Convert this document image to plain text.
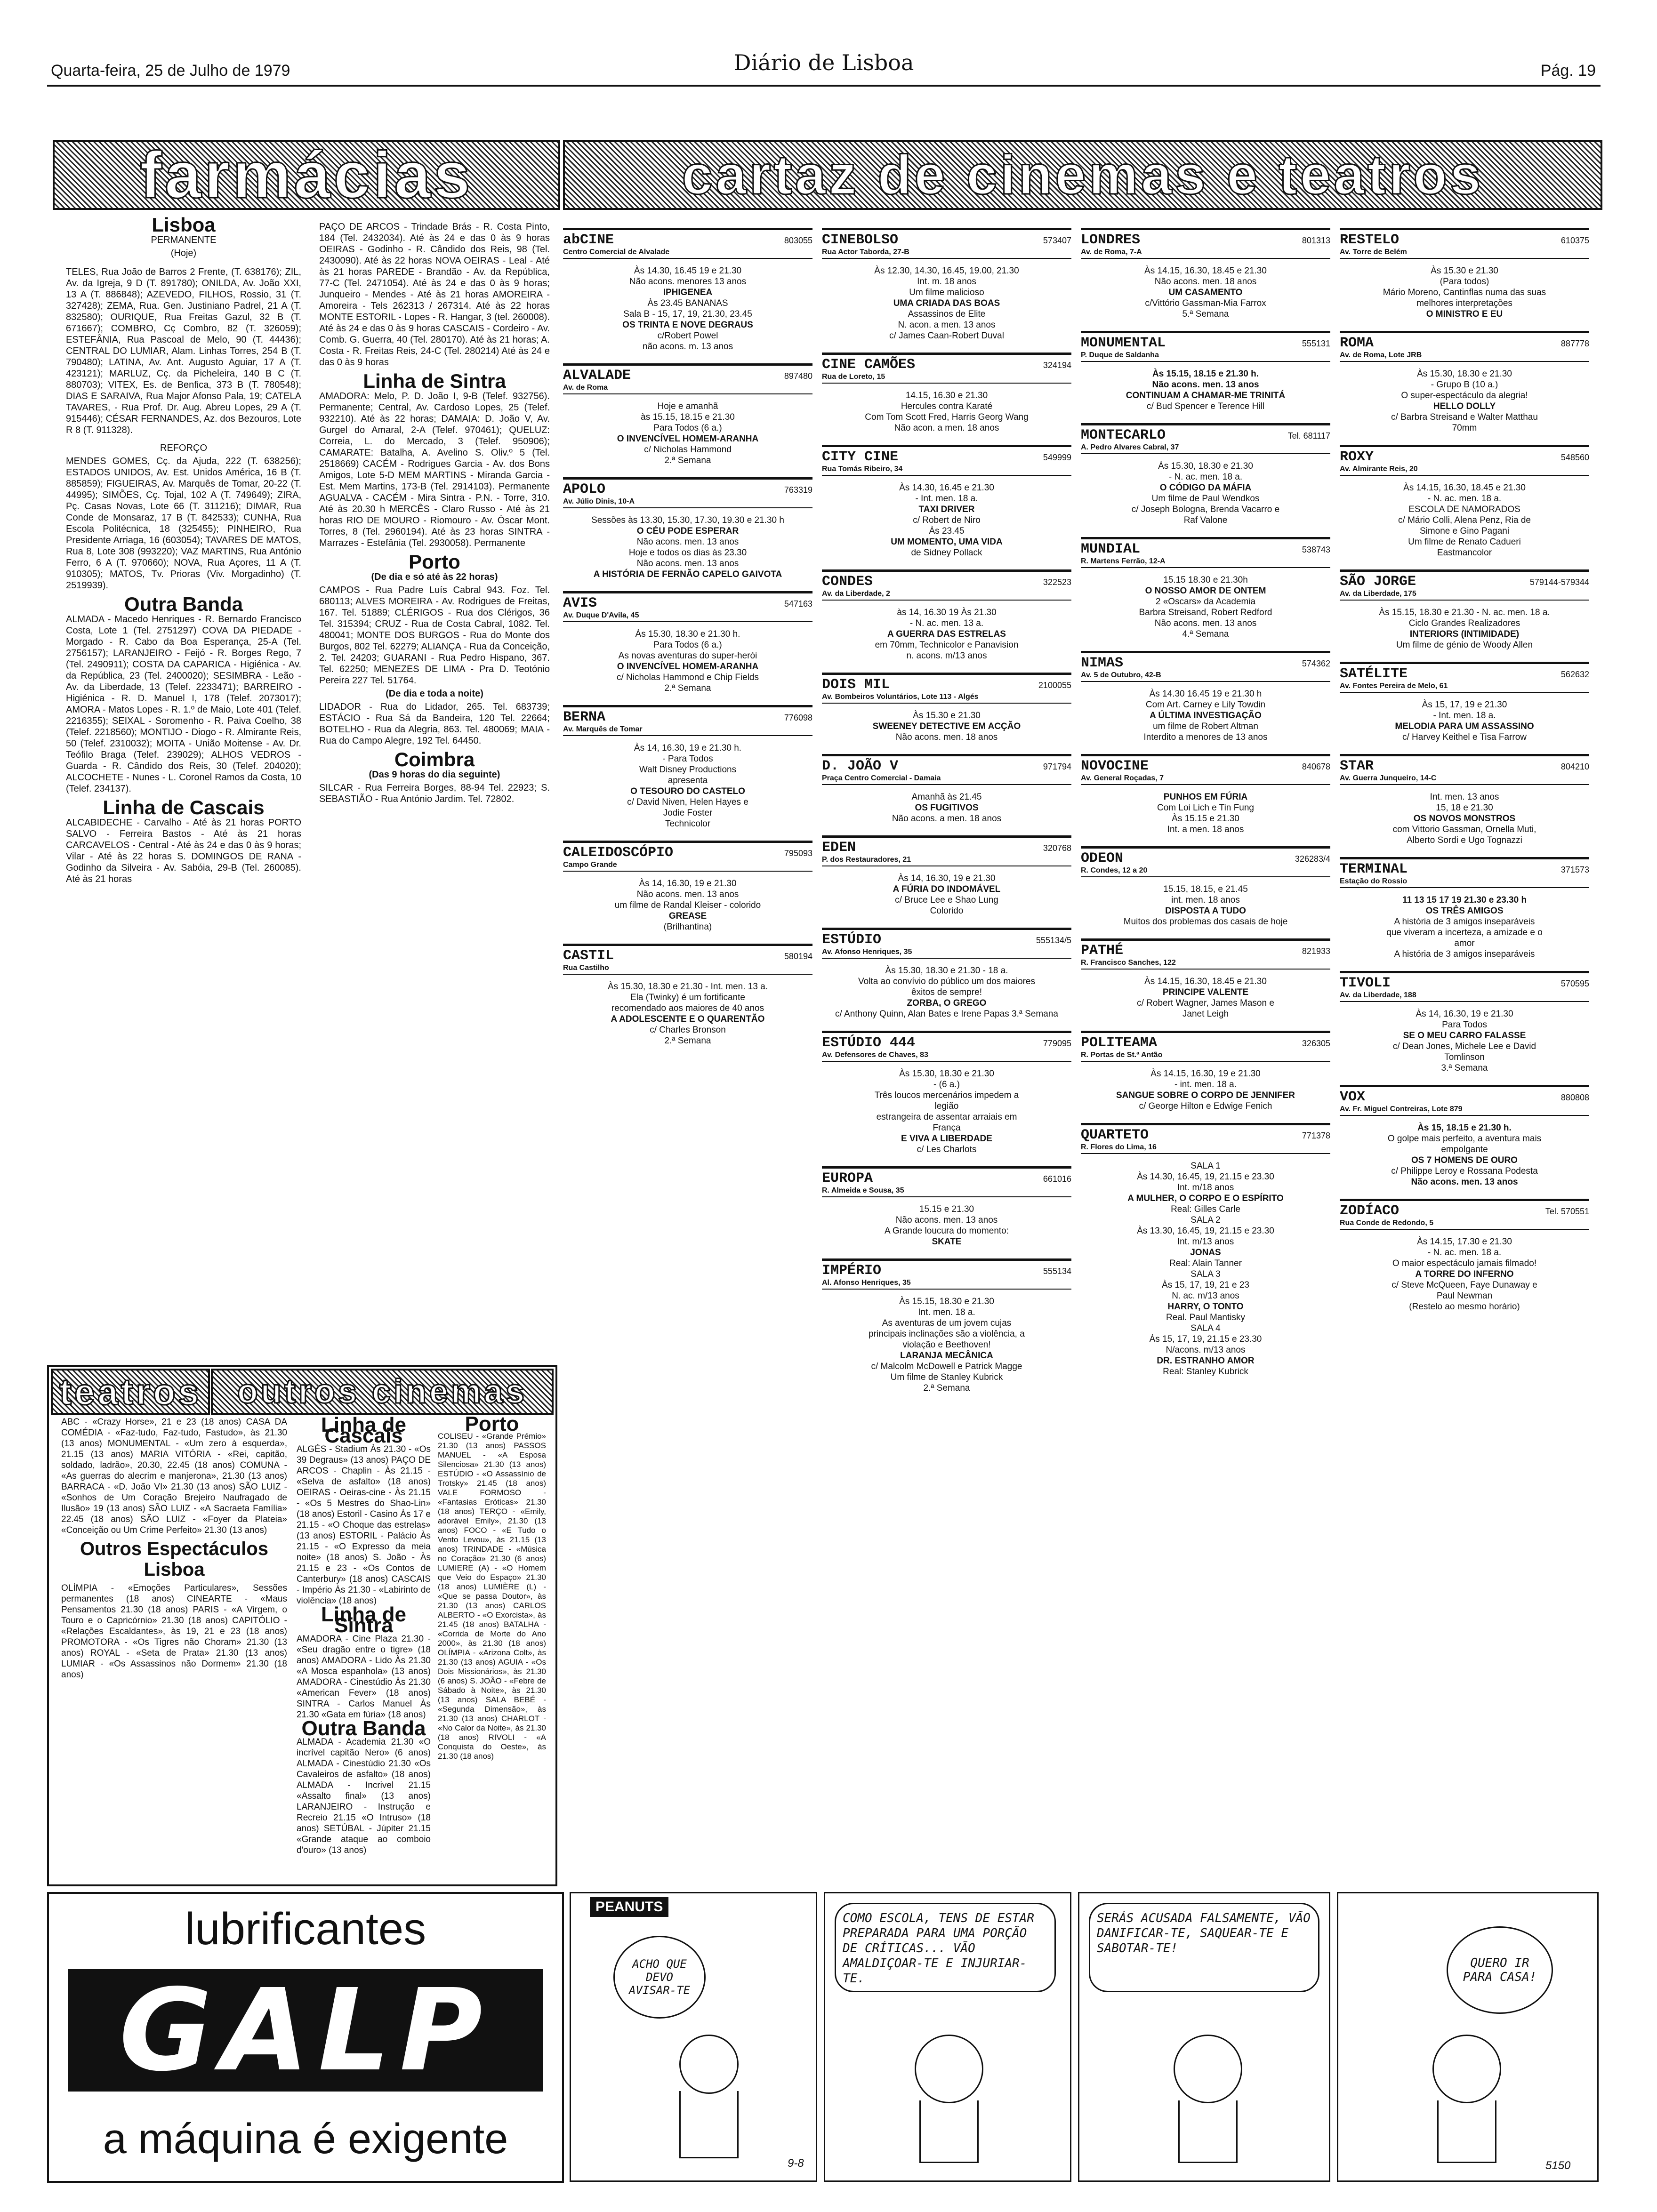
Quarta-feira, 25 de Julho de 1979	Diário de Lisboa	Pág. 19
farmácias	cartaz de cinemas e teatros
Lisboa
PERMANENTE
(Hoje)

TELES, Rua João de Barros 2 Frente, (T. 638176); ZIL, Av. da Igreja, 9 D (T. 891780); ONILDA, Av. João XXI, 13 A (T. 886848); AZEVEDO, FILHOS, Rossio, 31 (T. 327428); ZEMA, Rua. Gen. Justiniano Padrel, 21 A (T. 832580); OURIQUE, Rua Freitas Gazul, 32 B (T. 671667); COMBRO, Cç Combro, 82 (T. 326059); ESTEFÂNIA, Rua Pascoal de Melo, 90 (T. 44436); CENTRAL DO LUMIAR, Alam. Linhas Torres, 254 B (T. 790480); LATINA, Av. Ant. Augusto Aguiar, 17 A (T. 423121); MARLUZ, Cç. da Picheleira, 140 B C (T. 880703); VITEX, Es. de Benfica, 373 B (T. 780548); DIAS E SARAIVA, Rua Major Afonso Pala, 19; CATELA TAVARES, - Rua Prof. Dr. Aug. Abreu Lopes, 29 A (T. 915446); CÉSAR FERNANDES, Az. dos Bezouros, Lote R 8 (T. 911328).

REFORÇO

MENDES GOMES, Cç. da Ajuda, 222 (T. 638256); ESTADOS UNIDOS, Av. Est. Unidos América, 16 B (T. 885859); FIGUEIRAS, Av. Marquês de Tomar, 20-22 (T. 44995); SIMÕES, Cç. Tojal, 102 A (T. 749649); ZIRA, Pç. Casas Novas, Lote 66 (T. 311216); DIMAR, Rua Conde de Monsaraz, 17 B (T. 842533); CUNHA, Rua Escola Politécnica, 18 (325455); PINHEIRO, Rua Presidente Arriaga, 16 (603054); TAVARES DE MATOS, Rua 8, Lote 308 (993220); VAZ MARTINS, Rua António Ferro, 6 A (T. 970660); NOVA, Rua Açores, 11 A (T. 910305); MATOS, Tv. Prioras (Viv. Morgadinho) (T. 2519939).

Outra Banda

ALMADA - Macedo Henriques - R. Bernardo Francisco Costa, Lote 1 (Tel. 2751297) COVA DA PIEDADE - Morgado - R. Cabo da Boa Esperança, 25-A (Tel. 2756157); LARANJEIRO - Feijó - R. Borges Rego, 7 (Tel. 2490911); COSTA DA CAPARICA - Higiénica - Av. da República, 23 (Tel. 2400020); SESIMBRA - Leão - Av. da Liberdade, 13 (Telef. 2233471); BARREIRO - Higiénica - R. D. Manuel I, 178 (Telef. 2073017); AMORA - Matos Lopes - R. 1.º de Maio, Lote 401 (Telef. 2216355); SEIXAL - Soromenho - R. Paiva Coelho, 38 (Telef. 2218560); MONTIJO - Diogo - R. Almirante Reis, 50 (Telef. 2310032); MOITA - União Moitense - Av. Dr. Teófilo Braga (Telef. 239029); ALHOS VEDROS - Guarda - R. Cândido dos Reis, 30 (Telef. 204020); ALCOCHETE - Nunes - L. Coronel Ramos da Costa, 10 (Telef. 234137).

Linha de Cascais

ALCABIDECHE - Carvalho - Até às 21 horas PORTO SALVO - Ferreira Bastos - Até às 21 horas CARCAVELOS - Central - Até às 24 e das 0 às 9 horas; Vilar - Até às 22 horas S. DOMINGOS DE RANA - Godinho da Silveira - Av. Sabóia, 29-B (Tel. 260085). Até às 21 horas

PAÇO DE ARCOS - Trindade Brás - R. Costa Pinto, 184 (Tel. 2432034). Até às 24 e das 0 às 9 horas OEIRAS - Godinho - R. Cândido dos Reis, 98 (Tel. 2430090). Até às 22 horas NOVA OEIRAS - Leal - Até às 21 horas PAREDE - Brandão - Av. da República, 77-C (Tel. 2471054). Até às 24 e das 0 às 9 horas; Junqueiro - Mendes - Até às 21 horas AMOREIRA - Amoreira - Tels 262313 / 267314. Até às 22 horas MONTE ESTORIL - Lopes - R. Hangar, 3 (tel. 260008). Até às 24 e das 0 às 9 horas CASCAIS - Cordeiro - Av. Comb. G. Guerra, 40 (Tel. 280170). Até às 21 horas; A. Costa - R. Freitas Reis, 24-C (Tel. 280214) Até às 24 e das 0 às 9 horas

Linha de Sintra

AMADORA: Melo, P. D. João I, 9-B (Telef. 932756). Permanente; Central, Av. Cardoso Lopes, 25 (Telef. 932210). Até às 22 horas; DAMAIA: D. João V, Av. Gurgel do Amaral, 2-A (Telef. 970461); QUELUZ: Correia, L. do Mercado, 3 (Telef. 950906); CAMARATE: Batalha, A. Avelino S. Oliv.º 5 (Tel. 2518669) CACÉM - Rodrigues Garcia - Av. dos Bons Amigos, Lote 5-D MEM MARTINS - Miranda Garcia - Est. Mem Martins, 173-B (Tel. 2914103). Permanente AGUALVA - CACÉM - Mira Sintra - P.N. - Torre, 310. Até às 20.30 h MERCÊS - Claro Russo - Até às 21 horas RIO DE MOURO - Riomouro - Av. Óscar Mont. Torres, 8 (Tel. 2960194). Até às 23 horas SINTRA - Marrazes - Estefânia (Tel. 2930058). Permanente

Porto
(De dia e só até às 22 horas)

CAMPOS - Rua Padre Luís Cabral 943. Foz. Tel. 680113; ALVES MOREIRA - Av. Rodrigues de Freitas, 167. Tel. 51889; CLÉRIGOS - Rua dos Clérigos, 36 Tel. 315394; CRUZ - Rua de Costa Cabral, 1082. Tel. 480041; MONTE DOS BURGOS - Rua do Monte dos Burgos, 802 Tel. 62279; ALIANÇA - Rua da Conceição, 2. Tel. 24203; GUARANI - Rua Pedro Hispano, 367. Tel. 62250; MENEZES DE LIMA - Pra D. Teotónio Pereira 227 Tel. 51764.

(De dia e toda a noite)

LIDADOR - Rua do Lidador, 265. Tel. 683739; ESTÁCIO - Rua Sá da Bandeira, 120 Tel. 22664; BOTELHO - Rua da Alegria, 863. Tel. 480069; MAIA - Rua do Campo Alegre, 192 Tel. 64450.

Coimbra
(Das 9 horas do dia seguinte)

SILCAR - Rua Ferreira Borges, 88-94 Tel. 22923; S. SEBASTIÃO - Rua António Jardim. Tel. 72802.

abCINE	803055
Centro Comercial de Alvalade
Às 14.30, 16.45 19 e 21.30
Não acons. menores 13 anos
IPHIGENEA
Às 23.45 BANANAS
Sala B - 15, 17, 19, 21.30, 23.45
OS TRINTA E NOVE DEGRAUS
c/Robert Powel
não acons. m. 13 anos
ALVALADE	897480
Av. de Roma
Hoje e amanhã
às 15.15, 18.15 e 21.30
Para Todos (6 a.)
O INVENCÍVEL HOMEM-ARANHA
c/ Nicholas Hammond
2.ª Semana
APOLO	763319
Av. Júlio Dinis, 10-A
Sessões às 13.30, 15.30, 17.30, 19.30 e 21.30 h
O CÉU PODE ESPERAR
Não acons. men. 13 anos
Hoje e todos os dias às 23.30
Não acons. men. 13 anos
A HISTÓRIA DE FERNÃO CAPELO GAIVOTA
AVIS	547163
Av. Duque D'Avila, 45
Às 15.30, 18.30 e 21.30 h.
Para Todos (6 a.)
As novas aventuras do super-herói
O INVENCÍVEL HOMEM-ARANHA
c/ Nicholas Hammond e Chip Fields
2.ª Semana
BERNA	776098
Av. Marquês de Tomar
Às 14, 16.30, 19 e 21.30 h.
- Para Todos
Walt Disney Productions
apresenta
O TESOURO DO CASTELO
c/ David Niven, Helen Hayes e
Jodie Foster
Technicolor
CALEIDOSCÓPIO	795093
Campo Grande
Às 14, 16.30, 19 e 21.30
Não acons. men. 13 anos
um filme de Randal Kleiser - colorido
GREASE
(Brilhantina)
CASTIL	580194
Rua Castilho
Às 15.30, 18.30 e 21.30 - Int. men. 13 a.
Ela (Twinky) é um fortificante
recomendado aos maiores de 40 anos
A ADOLESCENTE E O QUARENTÃO
c/ Charles Bronson
2.ª Semana
CINEBOLSO	573407
Rua Actor Taborda, 27-B
Às 12.30, 14.30, 16.45, 19.00, 21.30
Int. m. 18 anos
Um filme malicioso
UMA CRIADA DAS BOAS
Assassinos de Elite
N. acon. a men. 13 anos
c/ James Caan-Robert Duval
CINE CAMÕES	324194
Rua de Loreto, 15
14.15, 16.30 e 21.30
Hercules contra Karaté
Com Tom Scott Fred, Harris Georg Wang
Não acon. a men. 18 anos
CITY CINE	549999
Rua Tomás Ribeiro, 34
Às 14.30, 16.45 e 21.30
- Int. men. 18 a.
TAXI DRIVER
c/ Robert de Niro
Às 23.45
UM MOMENTO, UMA VIDA
de Sidney Pollack
CONDES	322523
Av. da Liberdade, 2
às 14, 16.30 19 Às 21.30
- N. ac. men. 13 a.
A GUERRA DAS ESTRELAS
em 70mm, Technicolor e Panavision
n. acons. m/13 anos
DOIS MIL	2100055
Av. Bombeiros Voluntários, Lote 113 - Algés
Às 15.30 e 21.30
SWEENEY DETECTIVE EM ACÇÃO
Não acons. men. 18 anos
D. JOÃO V	971794
Praça Centro Comercial - Damaia
Amanhã às 21.45
OS FUGITIVOS
Não acons. a men. 18 anos
EDEN	320768
P. dos Restauradores, 21
Às 14, 16.30, 19 e 21.30
A FÚRIA DO INDOMÁVEL
c/ Bruce Lee e Shao Lung
Colorido
ESTÚDIO	555134/5
Av. Afonso Henriques, 35
Às 15.30, 18.30 e 21.30 - 18 a.
Volta ao convívio do público um dos maiores
êxitos de sempre!
ZORBA, O GREGO
c/ Anthony Quinn, Alan Bates e Irene Papas 3.ª Semana
ESTÚDIO 444	779095
Av. Defensores de Chaves, 83
Às 15.30, 18.30 e 21.30
- (6 a.)
Três loucos mercenários impedem a
legião
estrangeira de assentar arraiais em
França
E VIVA A LIBERDADE
c/ Les Charlots
EUROPA	661016
R. Almeida e Sousa, 35
15.15 e 21.30
Não acons. men. 13 anos
A Grande loucura do momento:
SKATE
IMPÉRIO	555134
Al. Afonso Henriques, 35
Às 15.15, 18.30 e 21.30
Int. men. 18 a.
As aventuras de um jovem cujas
principais inclinações são a violência, a
violação e Beethoven!
LARANJA MECÂNICA
c/ Malcolm McDowell e Patrick Magge
Um filme de Stanley Kubrick
2.ª Semana
LONDRES	801313
Av. de Roma, 7-A
Às 14.15, 16.30, 18.45 e 21.30
Não acons. men. 18 anos
UM CASAMENTO
c/Vittório Gassman-Mia Farrox
5.ª Semana
MONUMENTAL	555131
P. Duque de Saldanha
Às 15.15, 18.15 e 21.30 h.
Não acons. men. 13 anos
CONTINUAM A CHAMAR-ME TRINITÁ
c/ Bud Spencer e Terence Hill
MONTECARLO	Tel. 681117
A. Pedro Alvares Cabral, 37
Às 15.30, 18.30 e 21.30
- N. ac. men. 18 a.
O CÓDIGO DA MÁFIA
Um filme de Paul Wendkos
c/ Joseph Bologna, Brenda Vacarro e
Raf Valone
MUNDIAL	538743
R. Martens Ferrão, 12-A
15.15 18.30 e 21.30h
O NOSSO AMOR DE ONTEM
2 «Oscars» da Academia
Barbra Streisand, Robert Redford
Não acons. men. 13 anos
4.ª Semana
NIMAS	574362
Av. 5 de Outubro, 42-B
Às 14.30 16.45 19 e 21.30 h
Com Art. Carney e Lily Towdin
A ÚLTIMA INVESTIGAÇÃO
um filme de Robert Altman
Interdito a menores de 13 anos
NOVOCINE	840678
Av. General Roçadas, 7
PUNHOS EM FÚRIA
Com Loi Lich e Tin Fung
Às 15.15 e 21.30
Int. a men. 18 anos
ODEON	326283/4
R. Condes, 12 a 20
15.15, 18.15, e 21.45
int. men. 18 anos
DISPOSTA A TUDO
Muitos dos problemas dos casais de hoje
PATHÉ	821933
R. Francisco Sanches, 122
Às 14.15, 16.30, 18.45 e 21.30
PRINCIPE VALENTE
c/ Robert Wagner, James Mason e
Janet Leigh
POLITEAMA	326305
R. Portas de St.ª Antão
Às 14.15, 16.30, 19 e 21.30
- int. men. 18 a.
SANGUE SOBRE O CORPO DE JENNIFER
c/ George Hilton e Edwige Fenich
QUARTETO	771378
R. Flores do Lima, 16
SALA 1
Às 14.30, 16.45, 19, 21.15 e 23.30
Int. m/18 anos
A MULHER, O CORPO E O ESPÍRITO
Real: Gilles Carle
SALA 2
Às 13.30, 16.45, 19, 21.15 e 23.30
Int. m/13 anos
JONAS
Real: Alain Tanner
SALA 3
Às 15, 17, 19, 21 e 23
N. ac. m/13 anos
HARRY, O TONTO
Real. Paul Mantisky
SALA 4
Às 15, 17, 19, 21.15 e 23.30
N/acons. m/13 anos
DR. ESTRANHO AMOR
Real: Stanley Kubrick
RESTELO	610375
Av. Torre de Belém
Às 15.30 e 21.30
(Para todos)
Mário Moreno, Cantinflas numa das suas
melhores interpretações
O MINISTRO E EU
ROMA	887778
Av. de Roma, Lote JRB
Às 15.30, 18.30 e 21.30
- Grupo B (10 a.)
O super-espectáculo da alegria!
HELLO DOLLY
c/ Barbra Streisand e Walter Matthau
70mm
ROXY	548560
Av. Almirante Reis, 20
Às 14.15, 16.30, 18.45 e 21.30
- N. ac. men. 18 a.
ESCOLA DE NAMORADOS
c/ Mário Colli, Alena Penz, Ria de
Simone e Gino Pagani
Um filme de Renato Cadueri
Eastmancolor
SÃO JORGE	579144-579344
Av. da Liberdade, 175
Às 15.15, 18.30 e 21.30 - N. ac. men. 18 a.
Ciclo Grandes Realizadores
INTERIORS (INTIMIDADE)
Um filme de génio de Woody Allen
SATÉLITE	562632
Av. Fontes Pereira de Melo, 61
Às 15, 17, 19 e 21.30
- Int. men. 18 a.
MELODIA PARA UM ASSASSINO
c/ Harvey Keithel e Tisa Farrow
STAR	804210
Av. Guerra Junqueiro, 14-C
Int. men. 13 anos
15, 18 e 21.30
OS NOVOS MONSTROS
com Vittorio Gassman, Ornella Muti,
Alberto Sordi e Ugo Tognazzi
TERMINAL	371573
Estação do Rossio
11 13 15 17 19 21.30 e 23.30 h
OS TRÊS AMIGOS
A história de 3 amigos inseparáveis
que viveram a incerteza, a amizade e o
amor
A história de 3 amigos inseparáveis
TIVOLI	570595
Av. da Liberdade, 188
Às 14, 16.30, 19 e 21.30
Para Todos
SE O MEU CARRO FALASSE
c/ Dean Jones, Michele Lee e David
Tomlinson
3.ª Semana
VOX	880808
Av. Fr. Miguel Contreiras, Lote 879
Às 15, 18.15 e 21.30 h.
O golpe mais perfeito, a aventura mais
empolgante
OS 7 HOMENS DE OURO
c/ Philippe Leroy e Rossana Podesta
Não acons. men. 13 anos
ZODÍACO	Tel. 570551
Rua Conde de Redondo, 5
Às 14.15, 17.30 e 21.30
- N. ac. men. 18 a.
O maior espectáculo jamais filmado!
A TORRE DO INFERNO
c/ Steve McQueen, Faye Dunaway e
Paul Newman
(Restelo ao mesmo horário)
teatros outros cinemas

ABC - «Crazy Horse», 21 e 23 (18 anos) CASA DA COMÉDIA - «Faz-tudo, Faz-tudo, Fastudo», às 21.30 (13 anos) MONUMENTAL - «Um zero à esquerda», 21.15 (13 anos) MARIA VITÓRIA - «Rei, capitão, soldado, ladrão», 20.30, 22.45 (18 anos) COMUNA - «As guerras do alecrim e manjerona», 21.30 (13 anos) BARRACA - «D. João VI» 21.30 (13 anos) SÃO LUIZ - «Sonhos de Um Coração Brejeiro Naufragado de Ilusão» 19 (13 anos) SÃO LUIZ - «A Sacraeta Família» 22.45 (18 anos) SÃO LUIZ - «Foyer da Plateia» «Conceição ou Um Crime Perfeito» 21.30 (13 anos)

Outros Espectáculos Lisboa

OLÍMPIA - «Emoções Particulares», Sessões permanentes (18 anos) CINEARTE - «Maus Pensamentos 21.30 (18 anos) PARIS - «A Virgem, o Touro e o Capricórnio» 21.30 (18 anos) CAPITÓLIO - «Relações Escaldantes», às 19, 21 e 23 (18 anos) PROMOTORA - «Os Tigres não Choram» 21.30 (13 anos) ROYAL - «Seta de Prata» 21.30 (13 anos) LUMIAR - «Os Assassinos não Dormem» 21.30 (18 anos)

Linha de Cascais

ALGÉS - Stadium Às 21.30 - «Os 39 Degraus» (13 anos) PAÇO DE ARCOS - Chaplin - Às 21.15 - «Selva de asfalto» (18 anos) OEIRAS - Oeiras-cine - Às 21.15 - «Os 5 Mestres do Shao-Lin» (18 anos) Estoril - Casino Às 17 e 21.15 - «O Choque das estrelas» (13 anos) ESTORIL - Palácio Às 21.15 - «O Expresso da meia noite» (18 anos) S. João - Às 21.15 e 23 - «Os Contos de Canterbury» (18 anos) CASCAIS - Império Às 21.30 - «Labirinto de violência» (18 anos)

Linha de Sintra

AMADORA - Cine Plaza 21.30 - «Seu dragão entre o tigre» (18 anos) AMADORA - Lido Às 21.30 «A Mosca espanhola» (13 anos) AMADORA - Cinestúdio Às 21.30 «American Fever» (18 anos) SINTRA - Carlos Manuel Às 21.30 «Gata em fúria» (18 anos)

Outra Banda

ALMADA - Academia 21.30 «O incrível capitão Nero» (6 anos) ALMADA - Cinestúdio 21.30 «Os Cavaleiros de asfalto» (18 anos) ALMADA - Incrivel 21.15 «Assalto final» (13 anos) LARANJEIRO - Instrução e Recreio 21.15 «O Intruso» (18 anos) SETÚBAL - Júpiter 21.15 «Grande ataque ao comboio d'ouro» (13 anos)

lubrificantes
GALP
a máquina é exigente
PEANUTS
ACHO QUE DEVO AVISAR-TE
9-8
COMO ESCOLA, TENS DE ESTAR PREPARADA PARA UMA PORÇÃO DE CRÍTICAS... VÃO AMALDIÇOAR-TE E INJURIAR-TE.
SERÁS ACUSADA FALSAMENTE, VÃO DANIFICAR-TE, SAQUEAR-TE E SABOTAR-TE!
QUERO IR PARA CASA!
5150
Porto

COLISEU - «Grande Prémio» 21.30 (13 anos) PASSOS MANUEL - «A Esposa Silenciosa» 21.30 (13 anos) ESTÚDIO - «O Assassínio de Trotsky» 21.45 (18 anos) VALE FORMOSO - «Fantasias Eróticas» 21.30 (18 anos) TERÇO - «Emily, adorável Emily», 21.30 (13 anos) FOCO - «E Tudo o Vento Levou», às 21.15 (13 anos) TRINDADE - «Música no Coração» 21.30 (6 anos) LUMIERE (A) - «O Homem que Veio do Espaço» 21.30 (18 anos) LUMIÈRE (L) - «Que se passa Doutor», às 21.30 (13 anos) CARLOS ALBERTO - «O Exorcista», às 21.45 (18 anos) BATALHA - «Corrida de Morte do Ano 2000», às 21.30 (18 anos) OLÍMPIA - «Arizona Colt», às 21.30 (13 anos) AGUIA - «Os Dois Missionários», às 21.30 (6 anos) S. JOÃO - «Febre de Sábado à Noite», às 21.30 (13 anos) SALA BEBÉ - «Segunda Dimensão», às 21.30 (13 anos) CHARLOT - «No Calor da Noite», às 21.30 (18 anos) RIVOLI - «A Conquista do Oeste», às 21.30 (18 anos)
